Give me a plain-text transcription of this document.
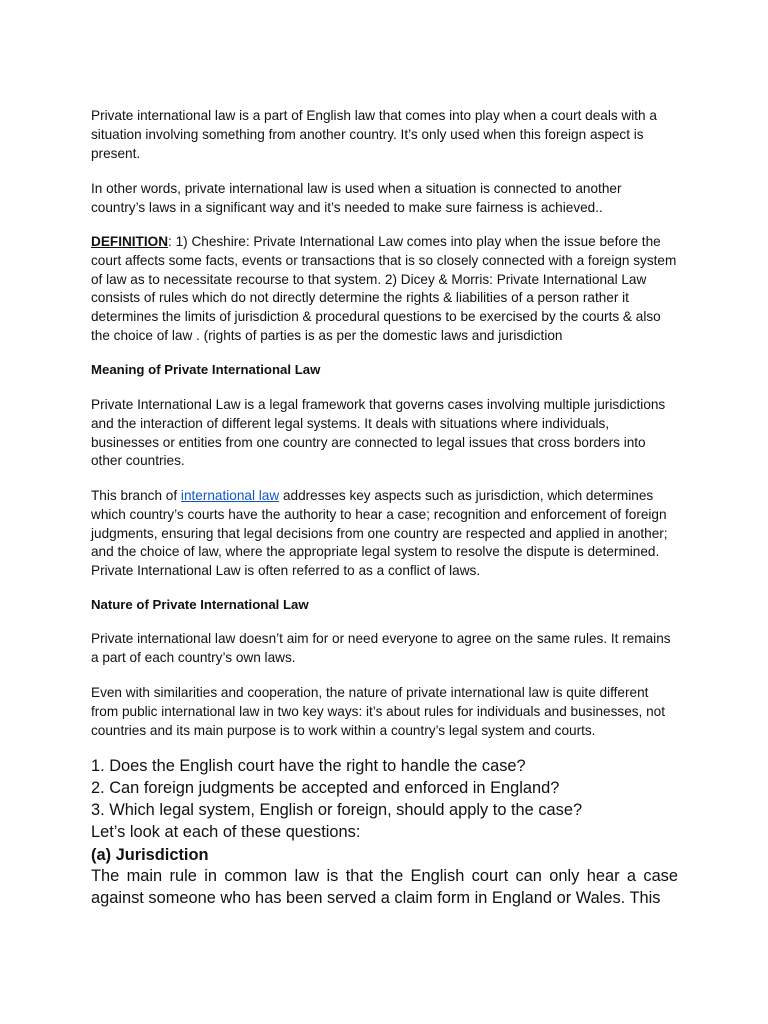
Private international law is a part of English law that comes into play when a court deals with a situation involving something from another country. It’s only used when this foreign aspect is present.

In other words, private international law is used when a situation is connected to another country’s laws in a significant way and it’s needed to make sure fairness is achieved..

DEFINITION: 1) Cheshire: Private International Law comes into play when the issue before the court affects some facts, events or transactions that is so closely connected with a foreign system of law as to necessitate recourse to that system. 2) Dicey & Morris: Private International Law consists of rules which do not directly determine the rights & liabilities of a person rather it determines the limits of jurisdiction & procedural questions to be exercised by the courts & also the choice of law . (rights of parties is as per the domestic laws and jurisdiction

Meaning of Private International Law

Private International Law is a legal framework that governs cases involving multiple jurisdictions and the interaction of different legal systems. It deals with situations where individuals, businesses or entities from one country are connected to legal issues that cross borders into other countries.

This branch of international law addresses key aspects such as jurisdiction, which determines which country’s courts have the authority to hear a case; recognition and enforcement of foreign judgments, ensuring that legal decisions from one country are respected and applied in another; and the choice of law, where the appropriate legal system to resolve the dispute is determined. Private International Law is often referred to as a conflict of laws.

Nature of Private International Law

Private international law doesn’t aim for or need everyone to agree on the same rules. It remains a part of each country’s own laws.

Even with similarities and cooperation, the nature of private international law is quite different from public international law in two key ways: it’s about rules for individuals and businesses, not countries and its main purpose is to work within a country’s legal system and courts.

1. Does the English court have the right to handle the case?

2. Can foreign judgments be accepted and enforced in England?

3. Which legal system, English or foreign, should apply to the case?

Let’s look at each of these questions:

(a) Jurisdiction

The main rule in common law is that the English court can only hear a case against someone who has been served a claim form in England or Wales. This
